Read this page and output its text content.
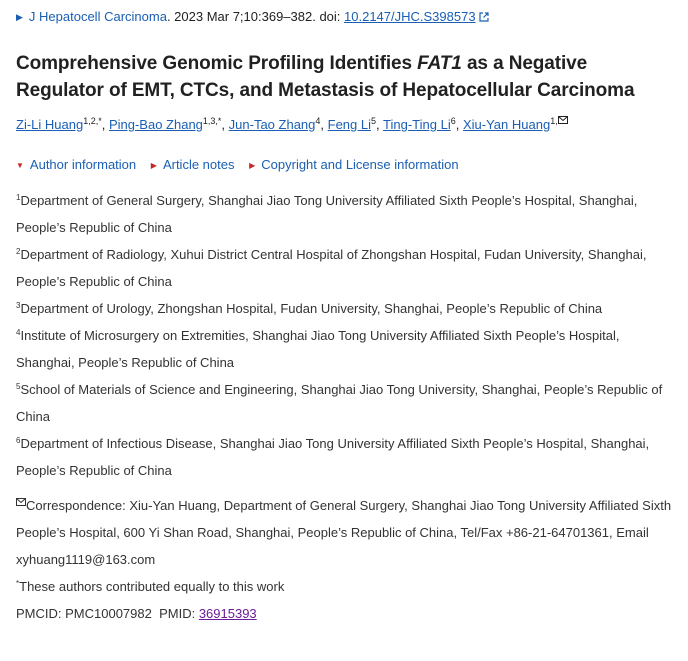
▶ J Hepatocell Carcinoma. 2023 Mar 7;10:369–382. doi: 10.2147/JHC.S398573
Comprehensive Genomic Profiling Identifies FAT1 as a Negative Regulator of EMT, CTCs, and Metastasis of Hepatocellular Carcinoma
Zi-Li Huang$^{1,2,*}$, Ping-Bao Zhang$^{1,3,*}$, Jun-Tao Zhang$^4$, Feng Li$^5$, Ting-Ting Li$^6$, Xiu-Yan Huang$^{1,}$
▼ Author information ▶ Article notes ▶ Copyright and License information
$^1$Department of General Surgery, Shanghai Jiao Tong University Affiliated Sixth People’s Hospital, Shanghai, People’s Republic of China
$^2$Department of Radiology, Xuhui District Central Hospital of Zhongshan Hospital, Fudan University, Shanghai, People’s Republic of China
$^3$Department of Urology, Zhongshan Hospital, Fudan University, Shanghai, People’s Republic of China
$^4$Institute of Microsurgery on Extremities, Shanghai Jiao Tong University Affiliated Sixth People’s Hospital, Shanghai, People’s Republic of China
$^5$School of Materials of Science and Engineering, Shanghai Jiao Tong University, Shanghai, People’s Republic of China
$^6$Department of Infectious Disease, Shanghai Jiao Tong University Affiliated Sixth People’s Hospital, Shanghai, People’s Republic of China
Correspondence: Xiu-Yan Huang, Department of General Surgery, Shanghai Jiao Tong University Affiliated Sixth People’s Hospital, 600 Yi Shan Road, Shanghai, People’s Republic of China, Tel/Fax +86-21-64701361, Email xyhuang1119@163.com
*These authors contributed equally to this work
PMCID: PMC10007982 PMID: 36915393
